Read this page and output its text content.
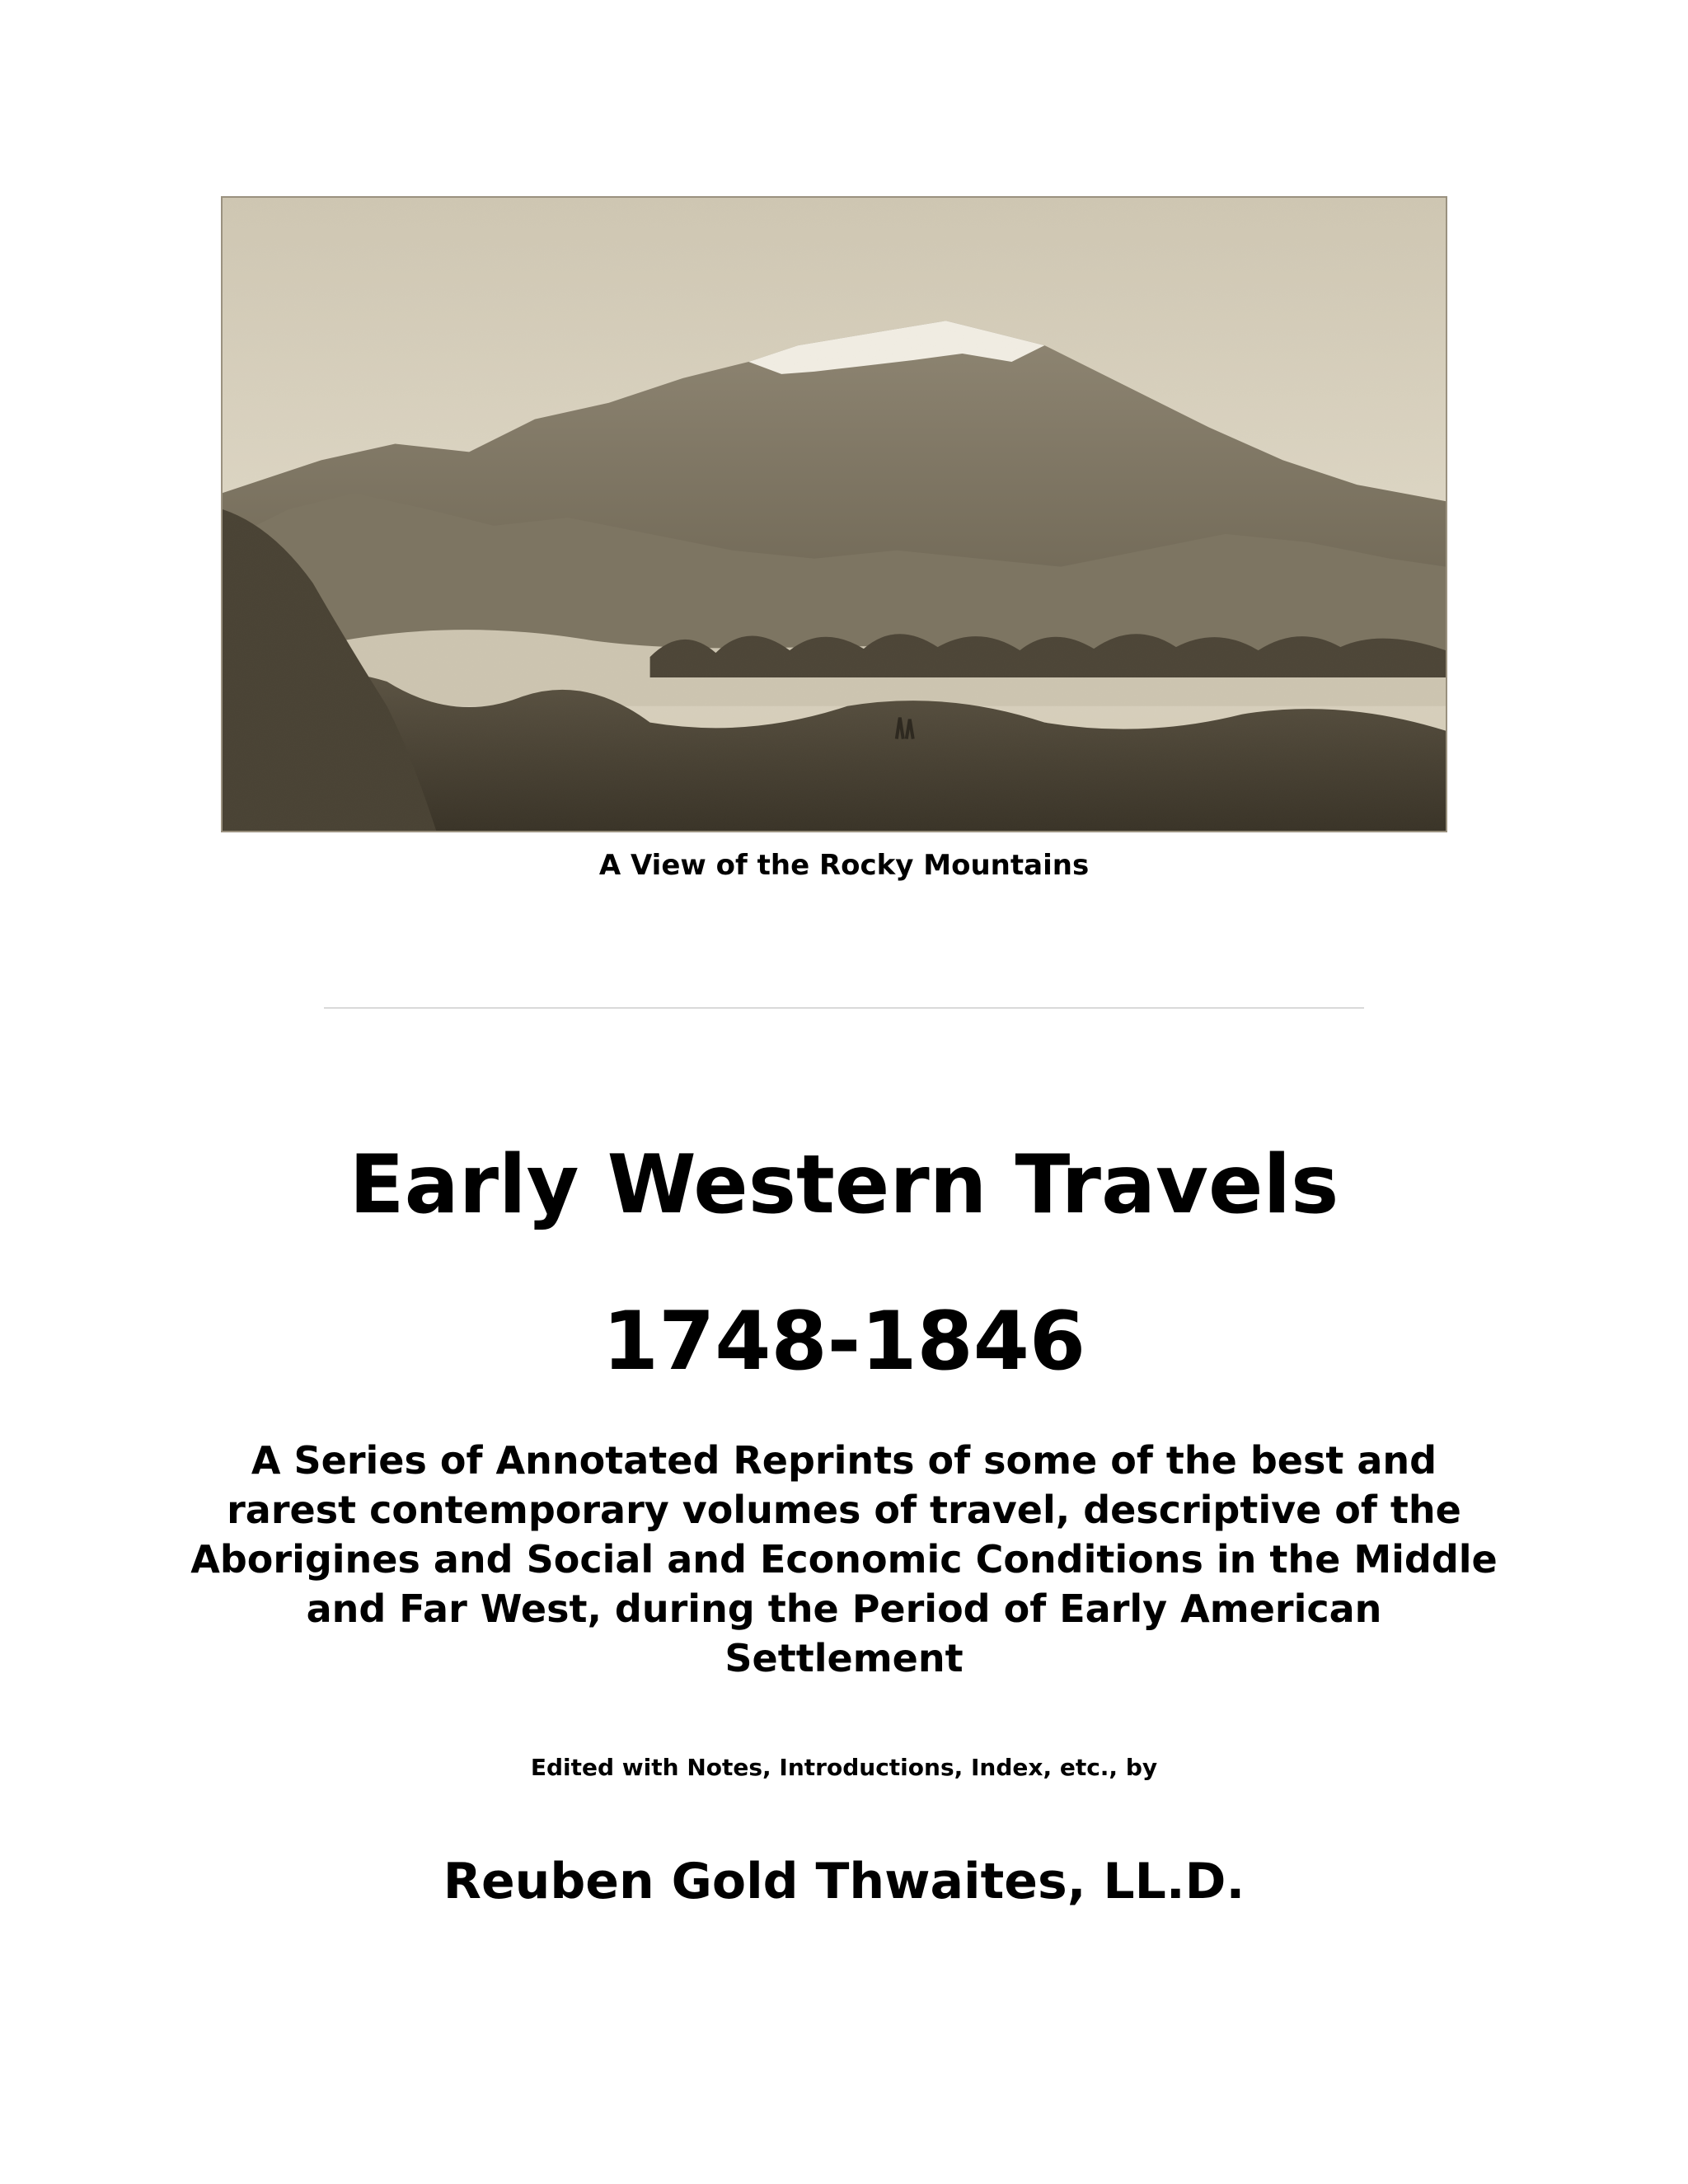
A View of the Rocky Mountains
Early Western Travels
1748-1846

A Series of Annotated Reprints of some of the best and rarest contemporary volumes of travel, descriptive of the Aborigines and Social and Economic Conditions in the Middle and Far West, during the Period of Early American Settlement

Edited with Notes, Introductions, Index, etc., by
Reuben Gold Thwaites, LL.D.
